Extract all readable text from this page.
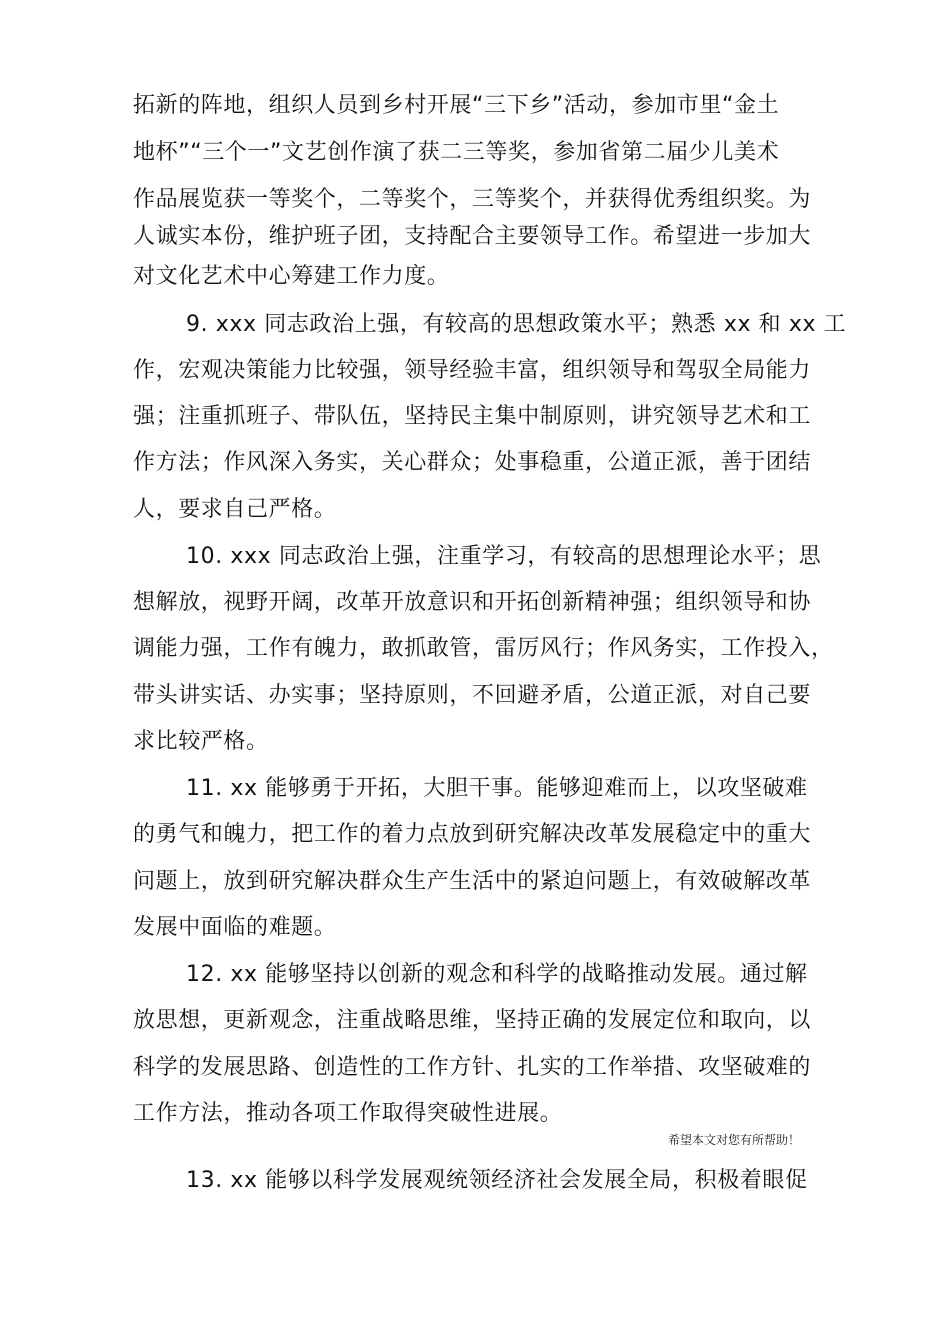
拓新的阵地，组织人员到乡村开展“三下乡”活动，参加市里“金土
地杯”“三个一”文艺创作演了获二三等奖，参加省第二届少儿美术
作品展览获一等奖个，二等奖个，三等奖个，并获得优秀组织奖。为
人诚实本份，维护班子团，支持配合主要领导工作。希望进一步加大
对文化艺术中心筹建工作力度。
9. xxx 同志政治上强，有较高的思想政策水平；熟悉 xx 和 xx 工
作，宏观决策能力比较强，领导经验丰富，组织领导和驾驭全局能力
强；注重抓班子、带队伍，坚持民主集中制原则，讲究领导艺术和工
作方法；作风深入务实，关心群众；处事稳重，公道正派，善于团结
人，要求自己严格。
10. xxx 同志政治上强，注重学习，有较高的思想理论水平；思
想解放，视野开阔，改革开放意识和开拓创新精神强；组织领导和协
调能力强，工作有魄力，敢抓敢管，雷厉风行；作风务实，工作投入，
带头讲实话、办实事；坚持原则，不回避矛盾，公道正派，对自己要
求比较严格。
11. xx 能够勇于开拓，大胆干事。能够迎难而上，以攻坚破难
的勇气和魄力，把工作的着力点放到研究解决改革发展稳定中的重大
问题上，放到研究解决群众生产生活中的紧迫问题上，有效破解改革
发展中面临的难题。
12. xx 能够坚持以创新的观念和科学的战略推动发展。通过解
放思想，更新观念，注重战略思维，坚持正确的发展定位和取向，以
科学的发展思路、创造性的工作方针、扎实的工作举措、攻坚破难的
工作方法，推动各项工作取得突破性进展。
希望本文对您有所帮助！
13. xx 能够以科学发展观统领经济社会发展全局，积极着眼促
